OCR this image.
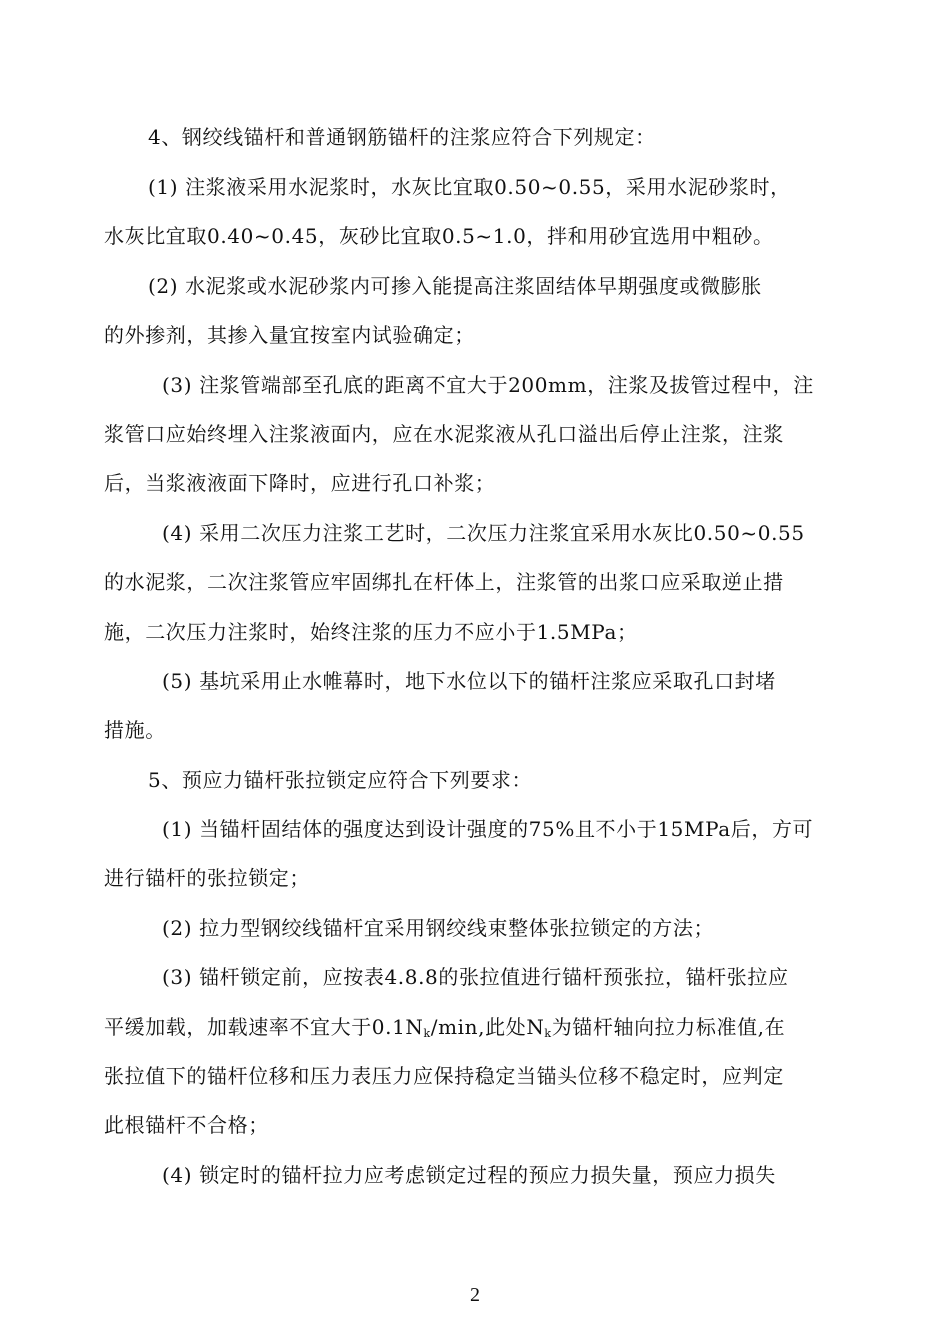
4、钢绞线锚杆和普通钢筋锚杆的注浆应符合下列规定：
(1) 注浆液采用水泥浆时，水灰比宜取0.50~0.55，采用水泥砂浆时，
水灰比宜取0.40~0.45，灰砂比宜取0.5~1.0，拌和用砂宜选用中粗砂。
(2) 水泥浆或水泥砂浆内可掺入能提高注浆固结体早期强度或微膨胀
的外掺剂，其掺入量宜按室内试验确定；
(3) 注浆管端部至孔底的距离不宜大于200mm，注浆及拔管过程中，注
浆管口应始终埋入注浆液面内，应在水泥浆液从孔口溢出后停止注浆，注浆
后，当浆液液面下降时，应进行孔口补浆；
(4) 采用二次压力注浆工艺时，二次压力注浆宜采用水灰比0.50~0.55
的水泥浆，二次注浆管应牢固绑扎在杆体上，注浆管的出浆口应采取逆止措
施，二次压力注浆时，始终注浆的压力不应小于1.5MPa；
(5) 基坑采用止水帷幕时，地下水位以下的锚杆注浆应采取孔口封堵
措施。
5、预应力锚杆张拉锁定应符合下列要求：
(1) 当锚杆固结体的强度达到设计强度的75%且不小于15MPa后，方可
进行锚杆的张拉锁定；
(2) 拉力型钢绞线锚杆宜采用钢绞线束整体张拉锁定的方法；
(3) 锚杆锁定前，应按表4.8.8的张拉值进行锚杆预张拉，锚杆张拉应
平缓加载，加载速率不宜大于$0.1N_k/\min$,此处$N_k$为锚杆轴向拉力标准值,在
张拉值下的锚杆位移和压力表压力应保持稳定当锚头位移不稳定时，应判定
此根锚杆不合格；
(4) 锁定时的锚杆拉力应考虑锁定过程的预应力损失量，预应力损失
2
